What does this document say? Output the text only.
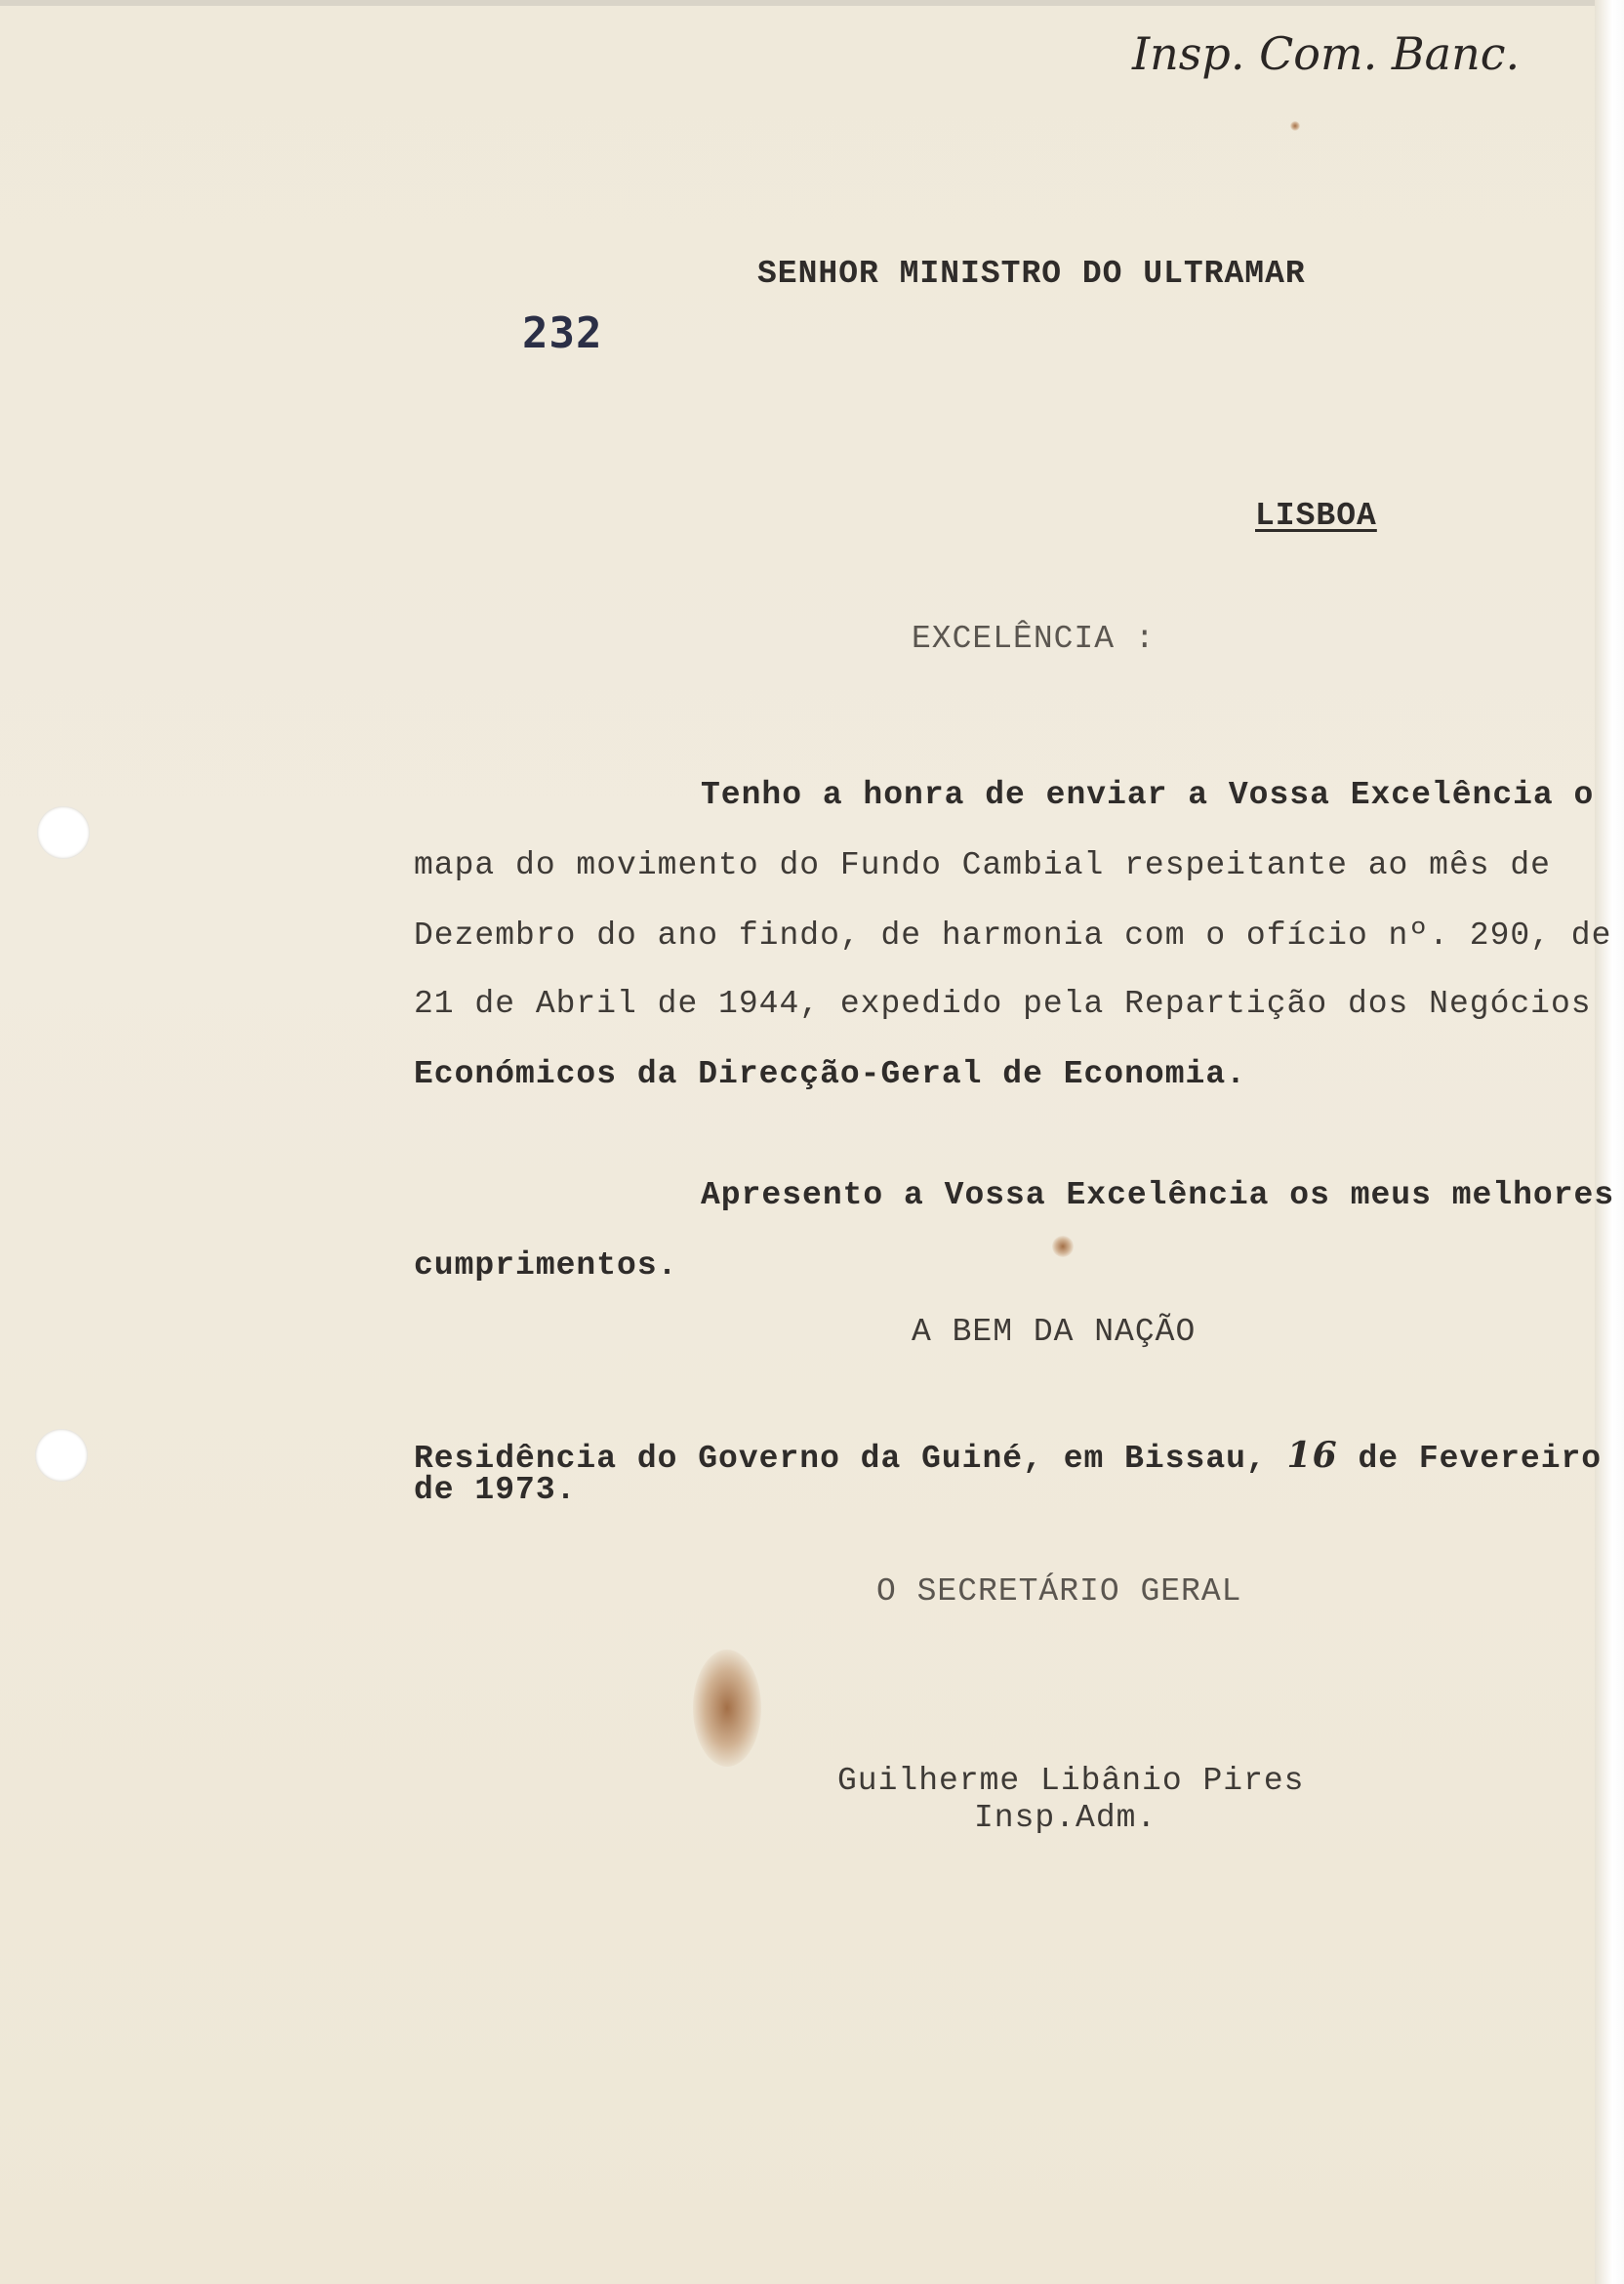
Insp. Com. Banc.
232

SENHOR MINISTRO DO ULTRAMAR

LISBOA

EXCELÊNCIA :

Tenho a honra de enviar a Vossa Excelência o

mapa do movimento do Fundo Cambial respeitante ao mês de

Dezembro do ano findo, de harmonia com o ofício nº. 290, de

21 de Abril de 1944, expedido pela Repartição dos Negócios

Económicos da Direcção-Geral de Economia.

Apresento a Vossa Excelência os meus melhores

cumprimentos.

A BEM DA NAÇÃO

Residência do Governo da Guiné, em Bissau, 16 de Fevereiro

de 1973.

O SECRETÁRIO GERAL

Guilherme Libânio Pires

Insp.Adm.
